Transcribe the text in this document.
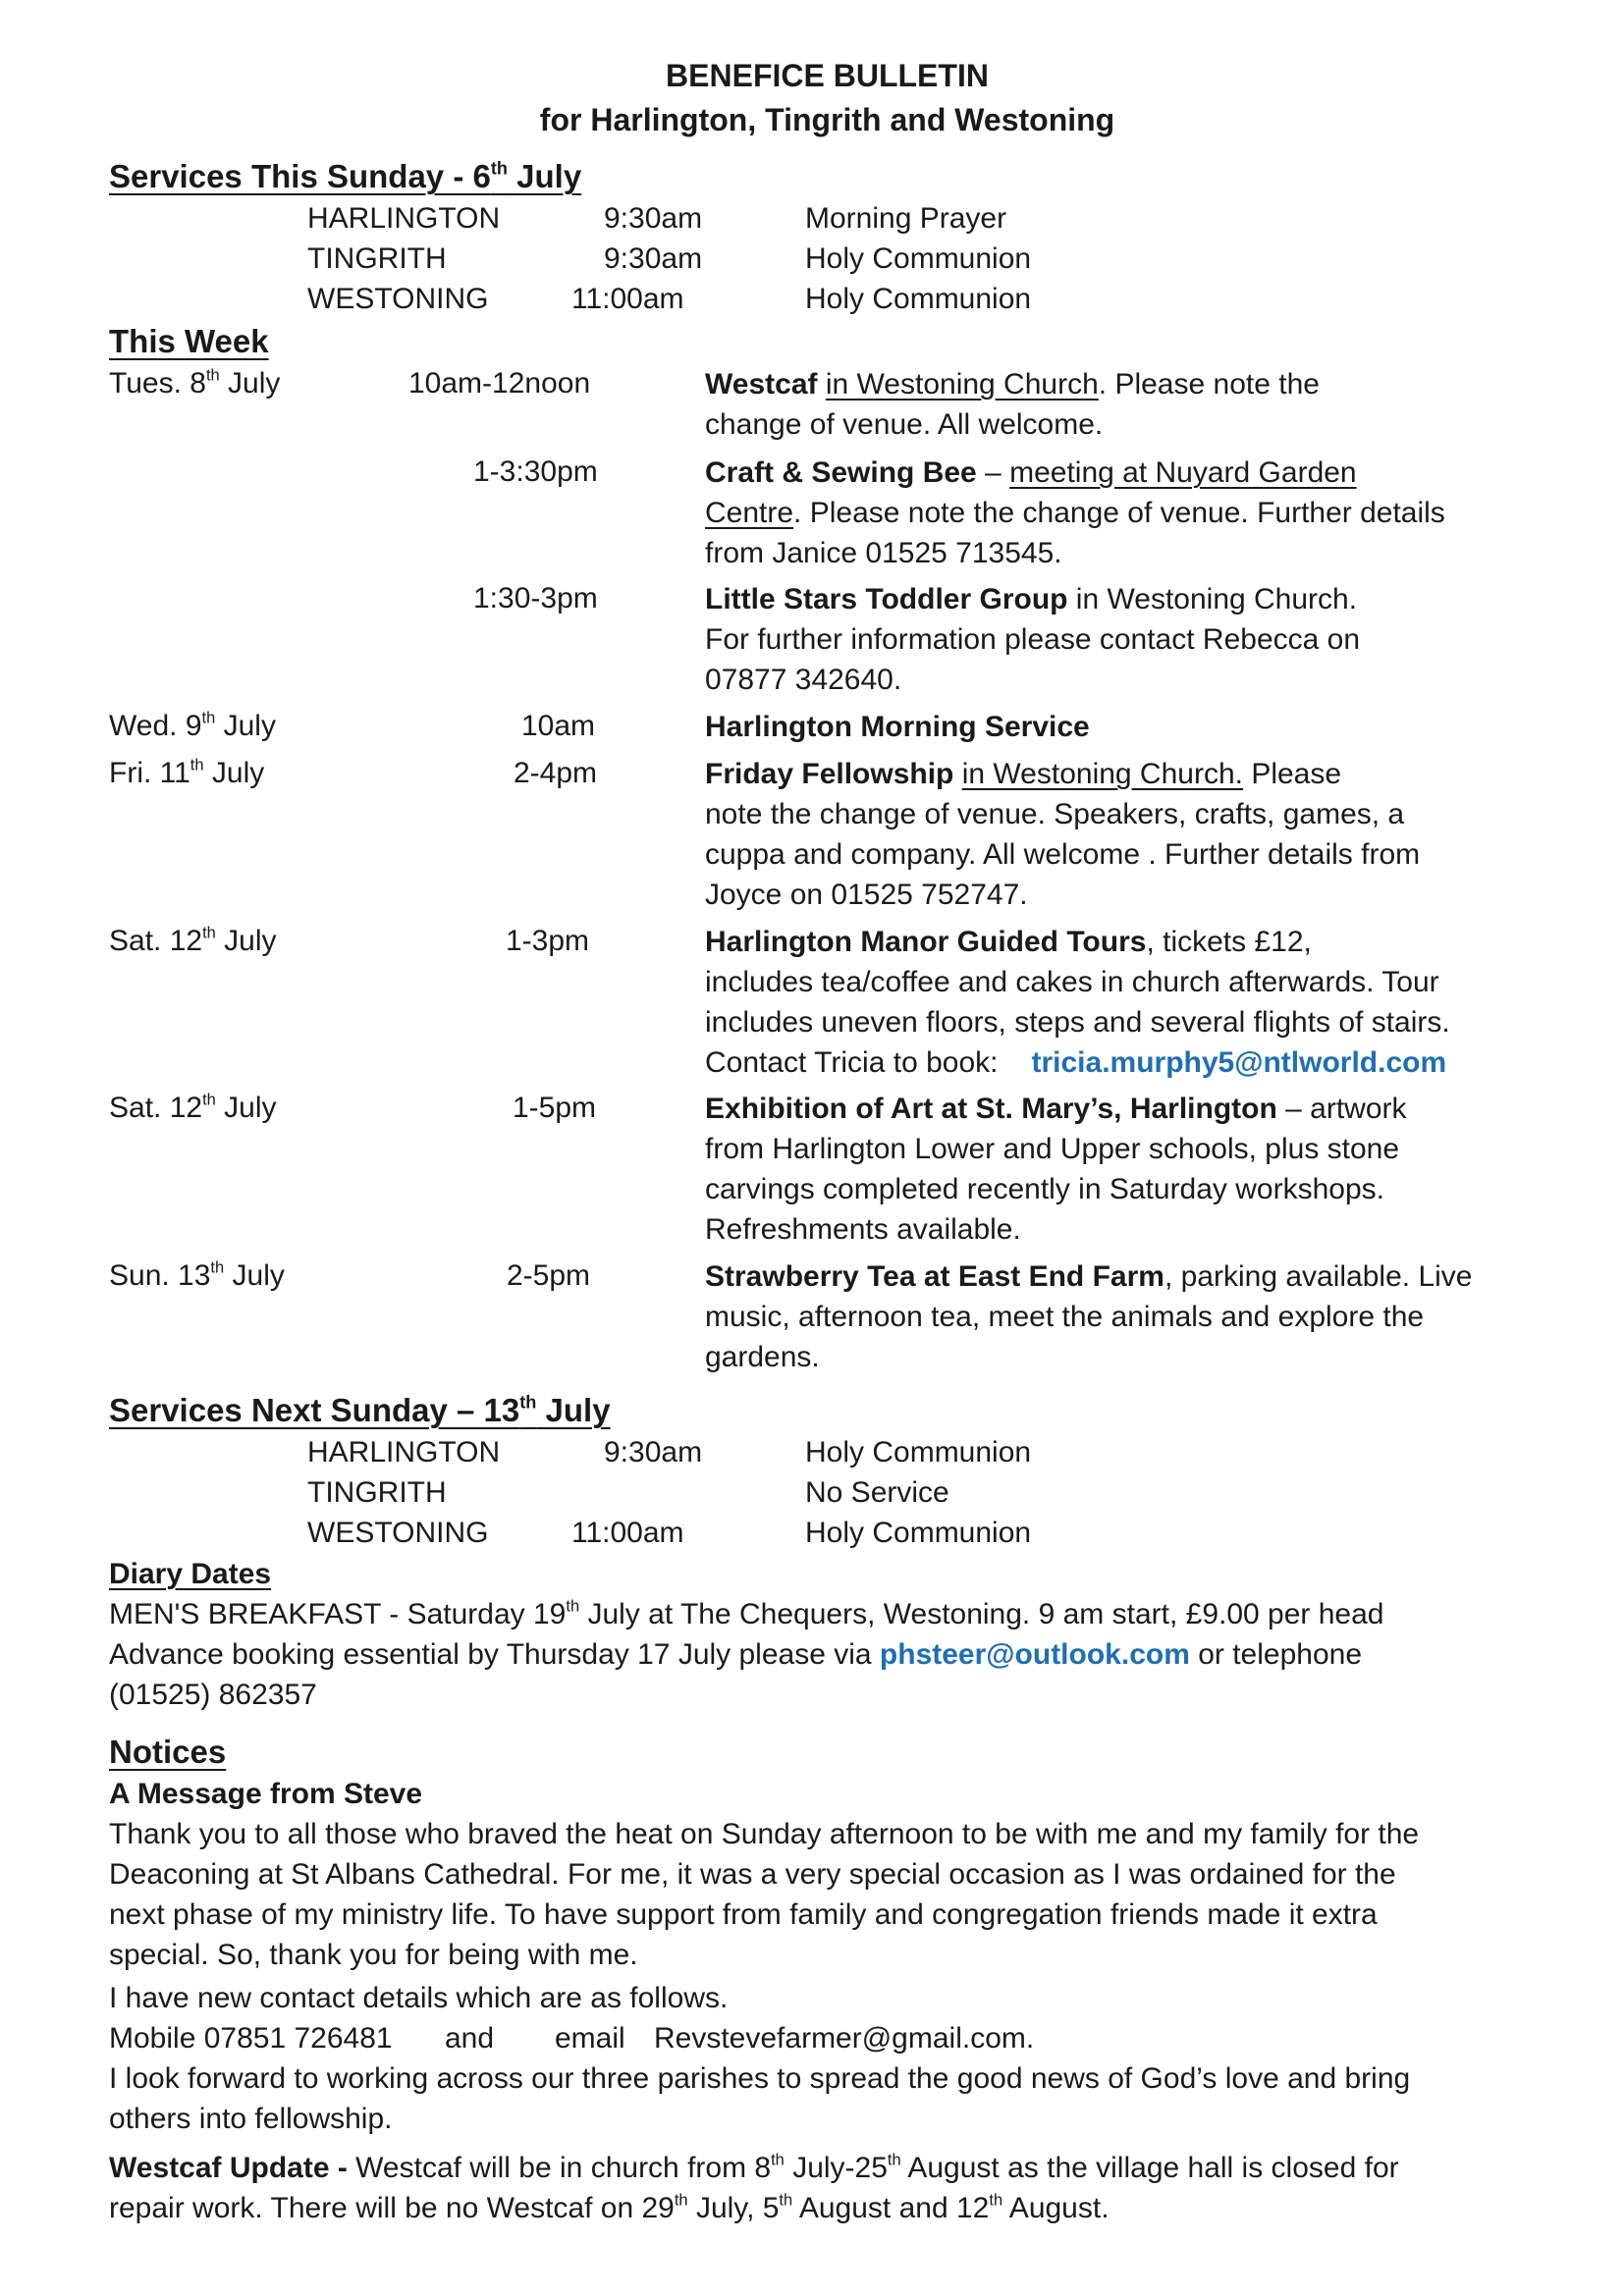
BENEFICE BULLETIN
for Harlington, Tingrith and Westoning
Services This Sunday - 6th July
HARLINGTON	9:30am	Morning Prayer
TINGRITH	9:30am	Holy Communion
WESTONING	11:00am	Holy Communion
This Week
Tues. 8th July	10am-12noon	Westcaf in Westoning Church. Please note the
change of venue. All welcome.
1-3:30pm	Craft & Sewing Bee – meeting at Nuyard Garden
Centre. Please note the change of venue. Further details
from Janice 01525 713545.
1:30-3pm	Little Stars Toddler Group in Westoning Church.
For further information please contact Rebecca on
07877 342640.
Wed. 9th July	10am	Harlington Morning Service
Fri. 11th July	2-4pm	Friday Fellowship in Westoning Church. Please
note the change of venue. Speakers, crafts, games, a
cuppa and company. All welcome . Further details from
Joyce on 01525 752747.
Sat. 12th July	1-3pm	Harlington Manor Guided Tours, tickets £12,
includes tea/coffee and cakes in church afterwards. Tour
includes uneven floors, steps and several flights of stairs.
Contact Tricia to book: tricia.murphy5@ntlworld.com
Sat. 12th July	1-5pm	Exhibition of Art at St. Mary’s, Harlington – artwork
from Harlington Lower and Upper schools, plus stone
carvings completed recently in Saturday workshops.
Refreshments available.
Sun. 13th July	2-5pm	Strawberry Tea at East End Farm, parking available. Live
music, afternoon tea, meet the animals and explore the
gardens.
Services Next Sunday – 13th July
HARLINGTON	9:30am	Holy Communion
TINGRITH	No Service
WESTONING	11:00am	Holy Communion
Diary Dates
MEN'S BREAKFAST - Saturday 19th July at The Chequers, Westoning. 9 am start, £9.00 per head
Advance booking essential by Thursday 17 July please via phsteer@outlook.com or telephone
(01525) 862357
Notices
A Message from Steve
Thank you to all those who braved the heat on Sunday afternoon to be with me and my family for the
Deaconing at St Albans Cathedral. For me, it was a very special occasion as I was ordained for the
next phase of my ministry life. To have support from family and congregation friends made it extra
special. So, thank you for being with me.
I have new contact details which are as follows.
Mobile 07851 726481 and email Revstevefarmer@gmail.com.
I look forward to working across our three parishes to spread the good news of God’s love and bring
others into fellowship.
Westcaf Update - Westcaf will be in church from 8th July-25th August as the village hall is closed for
repair work. There will be no Westcaf on 29th July, 5th August and 12th August.
